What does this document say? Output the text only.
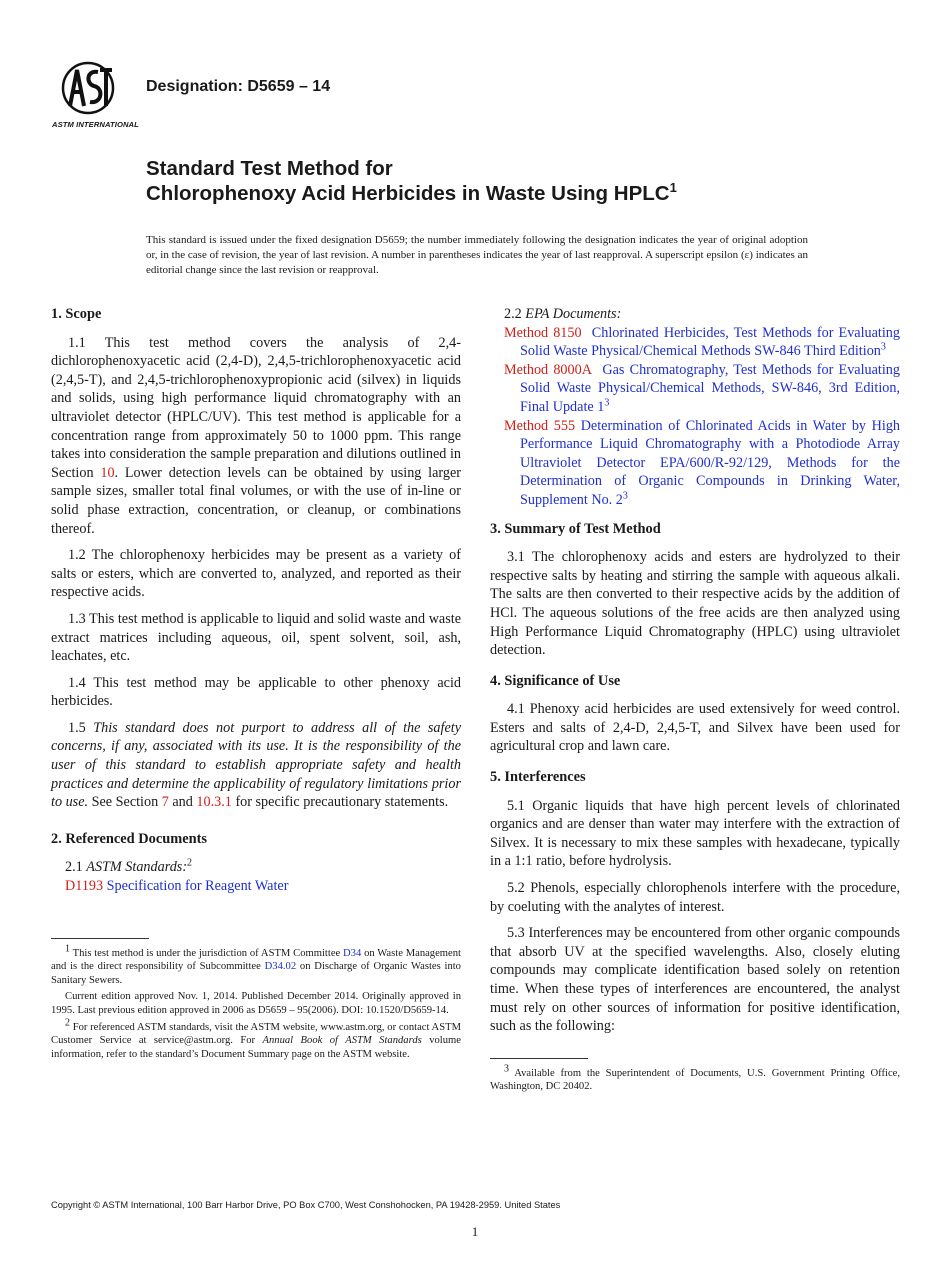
ASTM INTERNATIONAL
Designation: D5659 – 14
Standard Test Method for
Chlorophenoxy Acid Herbicides in Waste Using HPLC$^1$
This standard is issued under the fixed designation D5659; the number immediately following the designation indicates the year of original adoption or, in the case of revision, the year of last revision. A number in parentheses indicates the year of last reapproval. A superscript epsilon (ε) indicates an editorial change since the last revision or reapproval.
1. Scope

1.1 This test method covers the analysis of 2,4-dichlorophenoxyacetic acid (2,4-D), 2,4,5-trichlorophenoxyacetic acid (2,4,5-T), and 2,4,5-trichlorophenoxypropionic acid (silvex) in liquids and solids, using high performance liquid chromatography with an ultraviolet detector (HPLC/UV). This test method is applicable for a concentration range from approximately 50 to 1000 ppm. This range takes into consideration the sample preparation and dilutions outlined in Section 10. Lower detection levels can be obtained by using larger sample sizes, smaller total final volumes, or with the use of in-line or solid phase extraction, concentration, or cleanup, or combinations thereof.

1.2 The chlorophenoxy herbicides may be present as a variety of salts or esters, which are converted to, analyzed, and reported as their respective acids.

1.3 This test method is applicable to liquid and solid waste and waste extract matrices including aqueous, oil, spent solvent, soil, ash, leachates, etc.

1.4 This test method may be applicable to other phenoxy acid herbicides.

1.5 This standard does not purport to address all of the safety concerns, if any, associated with its use. It is the responsibility of the user of this standard to establish appropriate safety and health practices and determine the applicability of regulatory limitations prior to use. See Section 7 and 10.3.1 for specific precautionary statements.

2. Referenced Documents
2.1 ASTM Standards:$^2$
D1193 Specification for Reagent Water
$^1$ This test method is under the jurisdiction of ASTM Committee D34 on Waste Management and is the direct responsibility of Subcommittee D34.02 on Discharge of Organic Wastes into Sanitary Sewers.
Current edition approved Nov. 1, 2014. Published December 2014. Originally approved in 1995. Last previous edition approved in 2006 as D5659 – 95(2006). DOI: 10.1520/D5659-14.
$^2$ For referenced ASTM standards, visit the ASTM website, www.astm.org, or contact ASTM Customer Service at service@astm.org. For Annual Book of ASTM Standards volume information, refer to the standard’s Document Summary page on the ASTM website.
2.2 EPA Documents:
Method 8150 Chlorinated Herbicides, Test Methods for Evaluating Solid Waste Physical/Chemical Methods SW-846 Third Edition$^3$
Method 8000A Gas Chromatography, Test Methods for Evaluating Solid Waste Physical/Chemical Methods, SW-846, 3rd Edition, Final Update $1^3$
Method 555 Determination of Chlorinated Acids in Water by High Performance Liquid Chromatography with a Photodiode Array Ultraviolet Detector EPA/600/R-92/129, Methods for the Determination of Organic Compounds in Drinking Water, Supplement No. $2^3$
3. Summary of Test Method

3.1 The chlorophenoxy acids and esters are hydrolyzed to their respective salts by heating and stirring the sample with aqueous alkali. The salts are then converted to their respective acids by the addition of HCl. The aqueous solutions of the free acids are then analyzed using High Performance Liquid Chromatography (HPLC) using ultraviolet detection.

4. Significance of Use

4.1 Phenoxy acid herbicides are used extensively for weed control. Esters and salts of 2,4-D, 2,4,5-T, and Silvex have been used for agricultural crop and lawn care.

5. Interferences

5.1 Organic liquids that have high percent levels of chlorinated organics and are denser than water may interfere with the extraction of Silvex. It is necessary to mix these samples with hexadecane, typically in a 1:1 ratio, before hydrolysis.

5.2 Phenols, especially chlorophenols interfere with the procedure, by coeluting with the analytes of interest.

5.3 Interferences may be encountered from other organic compounds that absorb UV at the specified wavelengths. Also, closely eluting compounds may complicate identification based solely on retention time. When these types of interferences are encountered, the analyst must rely on other sources of information for positive identification, such as the following:

$^3$ Available from the Superintendent of Documents, U.S. Government Printing Office, Washington, DC 20402.
Copyright © ASTM International, 100 Barr Harbor Drive, PO Box C700, West Conshohocken, PA 19428-2959. United States
1
